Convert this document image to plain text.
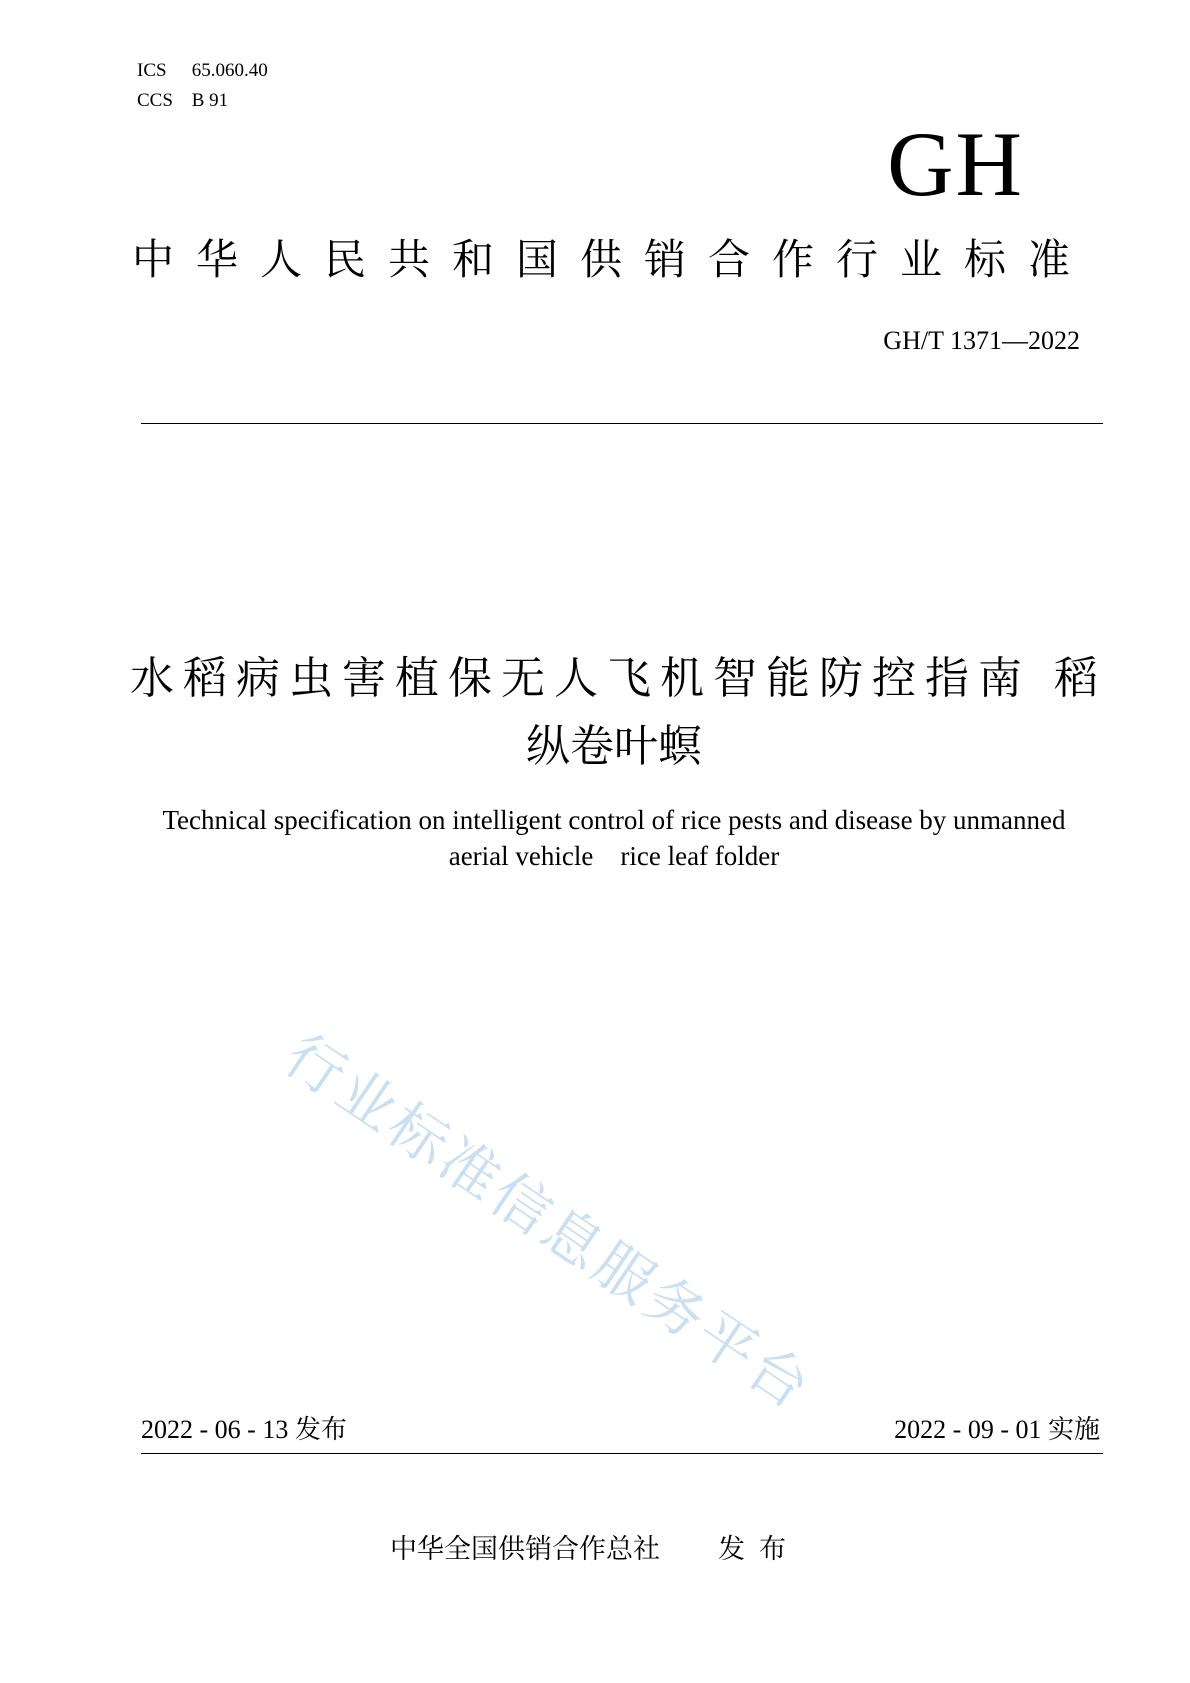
ICS 65.060.40
CCS B 91
GH
中华人民共和国供销合作行业标准
GH/T 1371—2022
水稻病虫害植保无人飞机智能防控指南 稻
纵卷叶螟
Technical specification on intelligent control of rice pests and disease by unmanned
aerial vehicle    rice leaf folder
行业标准信息服务平台
2022 - 06 - 13 发布	2022 - 09 - 01 实施
中华全国供销合作总社 发布
